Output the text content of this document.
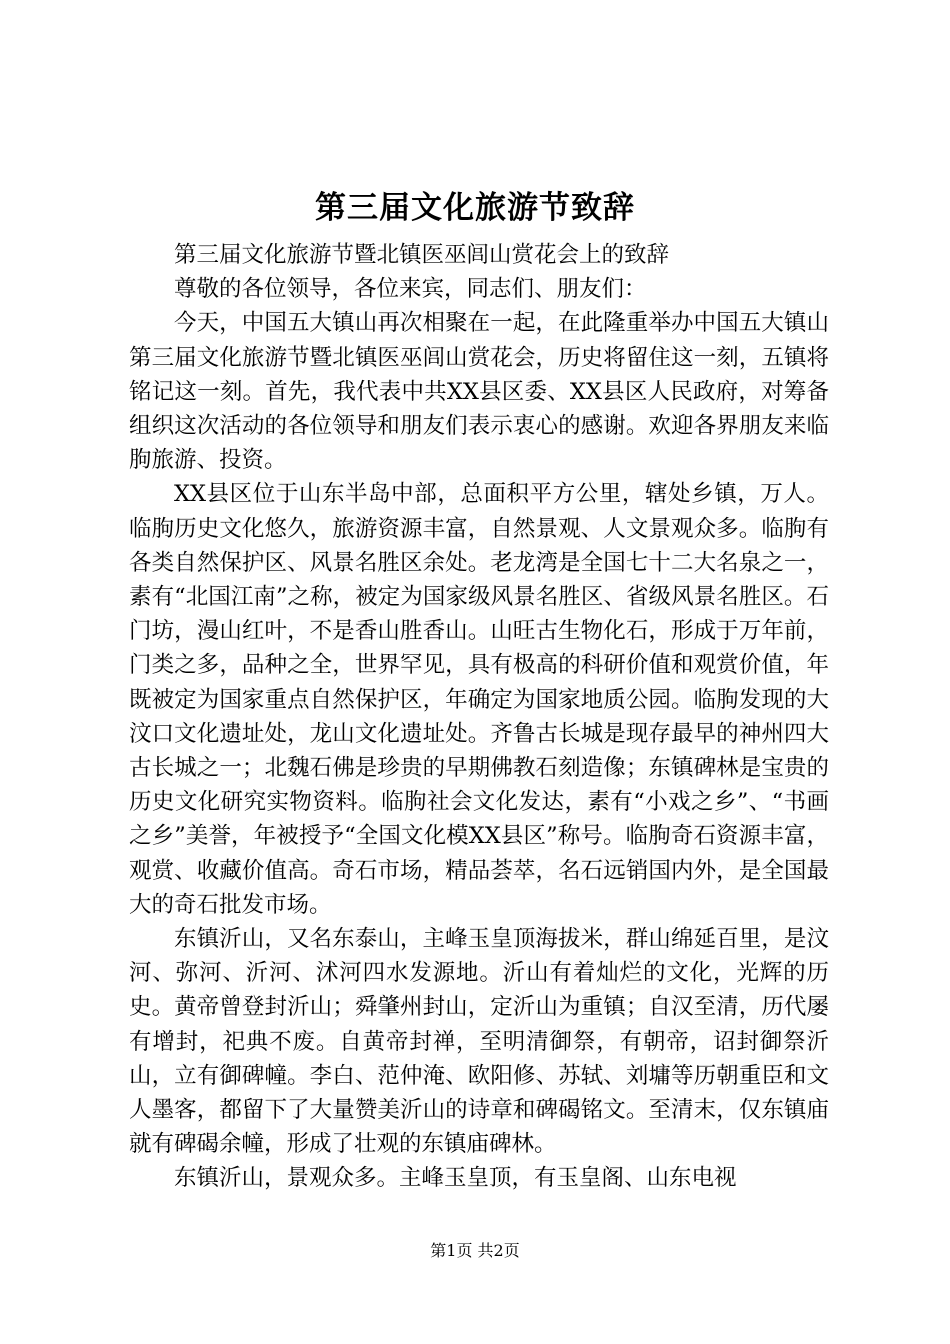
第三届文化旅游节致辞

第三届文化旅游节暨北镇医巫闾山赏花会上的致辞

尊敬的各位领导，各位来宾，同志们、朋友们：

今天，中国五大镇山再次相聚在一起，在此隆重举办中国五大镇山第三届文化旅游节暨北镇医巫闾山赏花会，历史将留住这一刻，五镇将铭记这一刻。首先，我代表中共XX县区委、XX县区人民政府，对筹备组织这次活动的各位领导和朋友们表示衷心的感谢。欢迎各界朋友来临朐旅游、投资。

XX县区位于山东半岛中部，总面积平方公里，辖处乡镇，万人。临朐历史文化悠久，旅游资源丰富，自然景观、人文景观众多。临朐有各类自然保护区、风景名胜区余处。老龙湾是全国七十二大名泉之一，素有“北国江南”之称，被定为国家级风景名胜区、省级风景名胜区。石门坊，漫山红叶，不是香山胜香山。山旺古生物化石，形成于万年前，门类之多，品种之全，世界罕见，具有极高的科研价值和观赏价值，年既被定为国家重点自然保护区，年确定为国家地质公园。临朐发现的大汶口文化遗址处，龙山文化遗址处。齐鲁古长城是现存最早的神州四大古长城之一；北魏石佛是珍贵的早期佛教石刻造像；东镇碑林是宝贵的历史文化研究实物资料。临朐社会文化发达，素有“小戏之乡”、“书画之乡”美誉，年被授予“全国文化模XX县区”称号。临朐奇石资源丰富，观赏、收藏价值高。奇石市场，精品荟萃，名石远销国内外，是全国最大的奇石批发市场。

东镇沂山，又名东泰山，主峰玉皇顶海拔米，群山绵延百里，是汶河、弥河、沂河、沭河四水发源地。沂山有着灿烂的文化，光辉的历史。黄帝曾登封沂山；舜肇州封山，定沂山为重镇；自汉至清，历代屡有增封，祀典不废。自黄帝封禅，至明清御祭，有朝帝，诏封御祭沂山，立有御碑幢。李白、范仲淹、欧阳修、苏轼、刘墉等历朝重臣和文人墨客，都留下了大量赞美沂山的诗章和碑碣铭文。至清末，仅东镇庙就有碑碣余幢，形成了壮观的东镇庙碑林。

东镇沂山，景观众多。主峰玉皇顶，有玉皇阁、山东电视

第1页 共2页
